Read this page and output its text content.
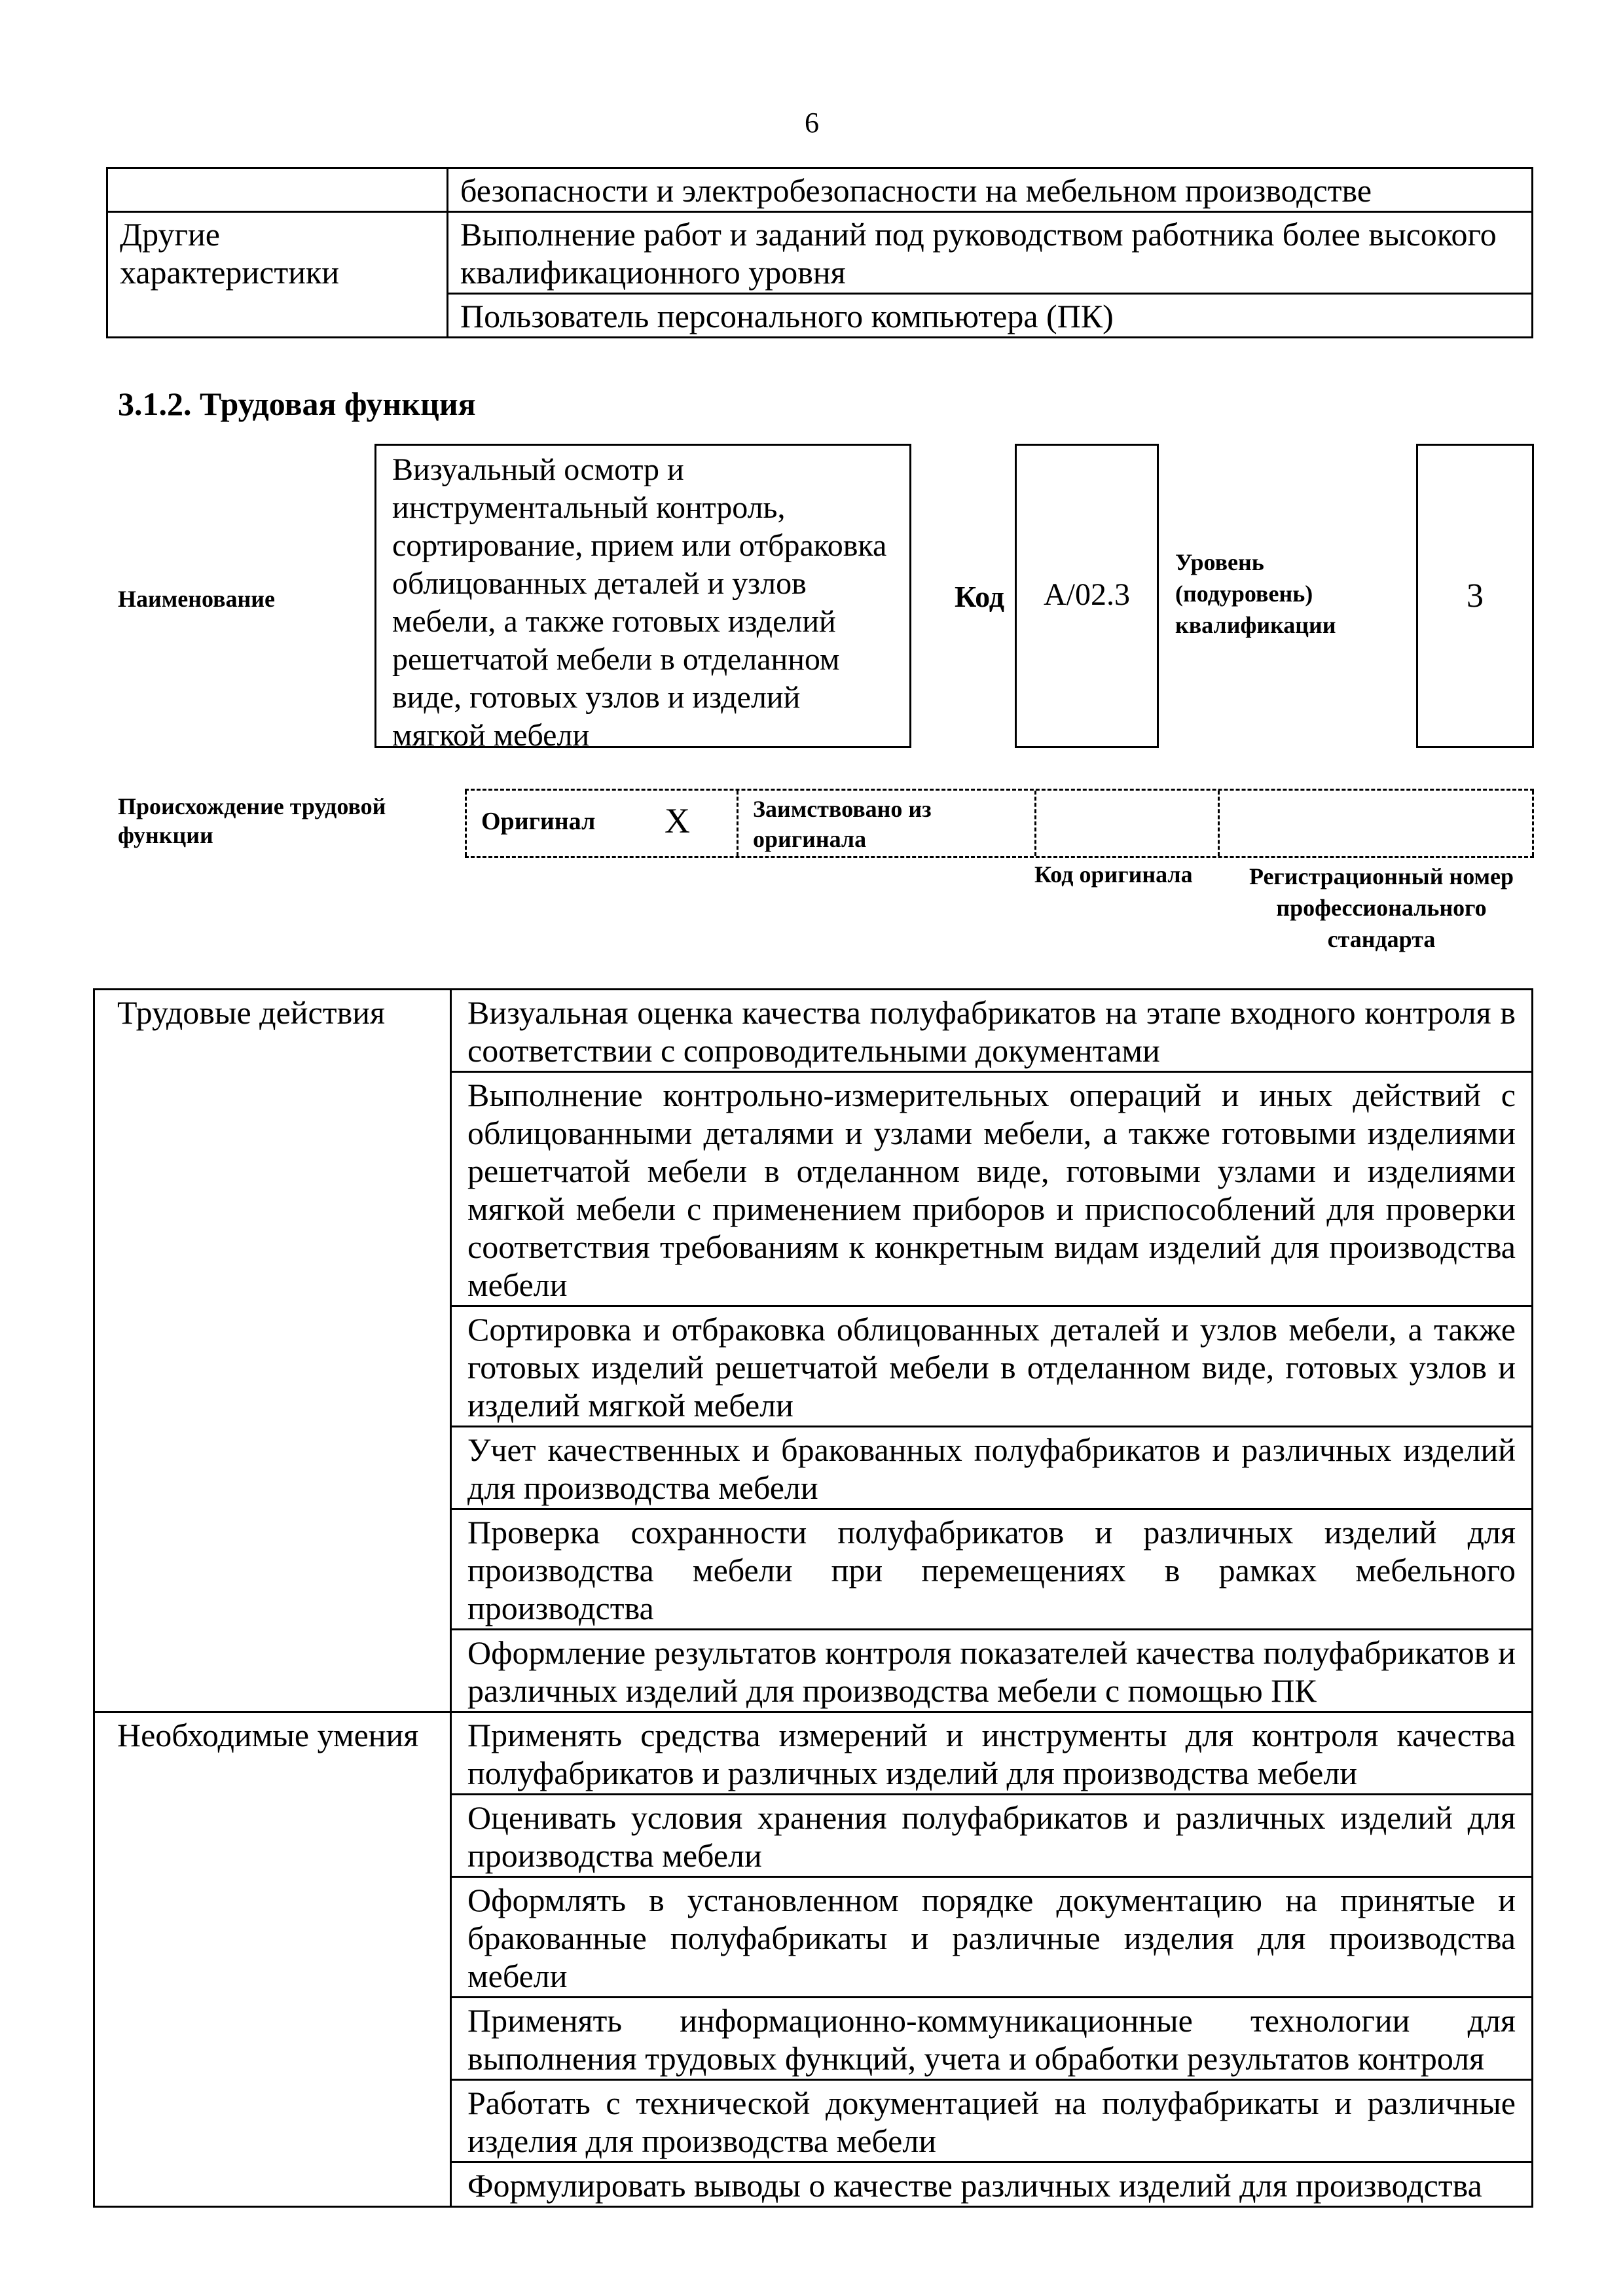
6
	безопасности и электробезопасности на мебельном производстве
Другие характеристики	Выполнение работ и заданий под руководством работника более высокого квалификационного уровня
	Пользователь персонального компьютера (ПК)
3.1.2. Трудовая функция
Наименование
Визуальный осмотр и инструментальный контроль, сортирование, прием или отбраковка облицованных деталей и узлов мебели, а также готовых изделий решетчатой мебели в отделанном виде, готовых узлов и изделий мягкой мебели
Код	A/02.3
Уровень (подуровень) квалификации
3
Происхождение трудовой функции	Оригинал X	Заимствовано из оригинала
Код оригинала	Регистрационный номер профессионального стандарта
Трудовые действия	Визуальная оценка качества полуфабрикатов на этапе входного контроля в соответствии с сопроводительными документами
	Выполнение контрольно-измерительных операций и иных действий с облицованными деталями и узлами мебели, а также готовыми изделиями решетчатой мебели в отделанном виде, готовыми узлами и изделиями мягкой мебели с применением приборов и приспособлений для проверки соответствия требованиям к конкретным видам изделий для производства мебели
	Сортировка и отбраковка облицованных деталей и узлов мебели, а также готовых изделий решетчатой мебели в отделанном виде, готовых узлов и изделий мягкой мебели
	Учет качественных и бракованных полуфабрикатов и различных изделий для производства мебели
	Проверка сохранности полуфабрикатов и различных изделий для производства мебели при перемещениях в рамках мебельного производства
	Оформление результатов контроля показателей качества полуфабрикатов и различных изделий для производства мебели с помощью ПК
Необходимые умения	Применять средства измерений и инструменты для контроля качества полуфабрикатов и различных изделий для производства мебели
	Оценивать условия хранения полуфабрикатов и различных изделий для производства мебели
	Оформлять в установленном порядке документацию на принятые и бракованные полуфабрикаты и различные изделия для производства мебели
	Применять информационно-коммуникационные технологии для выполнения трудовых функций, учета и обработки результатов контроля
	Работать с технической документацией на полуфабрикаты и различные изделия для производства мебели
	Формулировать выводы о качестве различных изделий для производства
